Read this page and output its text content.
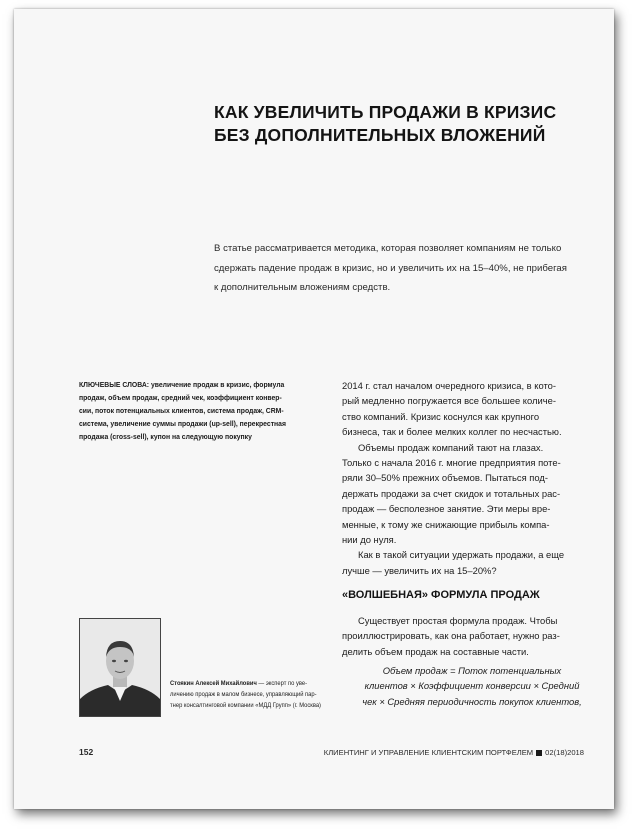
КАК УВЕЛИЧИТЬ ПРОДАЖИ В КРИЗИС
БЕЗ ДОПОЛНИТЕЛЬНЫХ ВЛОЖЕНИЙ

В статье рассматривается методика, которая позволяет компаниям не только
сдержать падение продаж в кризис, но и увеличить их на 15–40%, не прибегая
к дополнительным вложениям средств.

КЛЮЧЕВЫЕ СЛОВА: увеличение продаж в кризис, формула
продаж, объем продаж, средний чек, коэффициент конвер-
сии, поток потенциальных клиентов, система продаж, CRM-
система, увеличение суммы продажи (up-sell), перекрестная
продажа (cross-sell), купон на следующую покупку
2014 г. стал началом очередного кризиса, в кото-
рый медленно погружается все большее количе-
ство компаний. Кризис коснулся как крупного
бизнеса, так и более мелких коллег по несчастью.
Объемы продаж компаний тают на глазах.
Только с начала 2016 г. многие предприятия поте-
ряли 30–50% прежних объемов. Пытаться под-
держать продажи за счет скидок и тотальных рас-
продаж — бесполезное занятие. Эти меры вре-
менные, к тому же снижающие прибыль компа-
нии до нуля.
Как в такой ситуации удержать продажи, а еще
лучше — увеличить их на 15–20%?
«ВОЛШЕБНАЯ» ФОРМУЛА ПРОДАЖ
Существует простая формула продаж. Чтобы
проиллюстрировать, как она работает, нужно раз-
делить объем продаж на составные части.
Объем продаж = Поток потенциальных
клиентов × Коэффициент конверсии × Средний
чек × Средняя периодичность покупок клиентов,
Стоякин Алексей Михайлович — эксперт по уве-
личению продаж в малом бизнесе, управляющий пар-
тнер консалтинговой компании «МДД Групп» (г. Москва)

152	КЛИЕНТИНГ И УПРАВЛЕНИЕ КЛИЕНТСКИМ ПОРТФЕЛЕМ 02(18)2018
